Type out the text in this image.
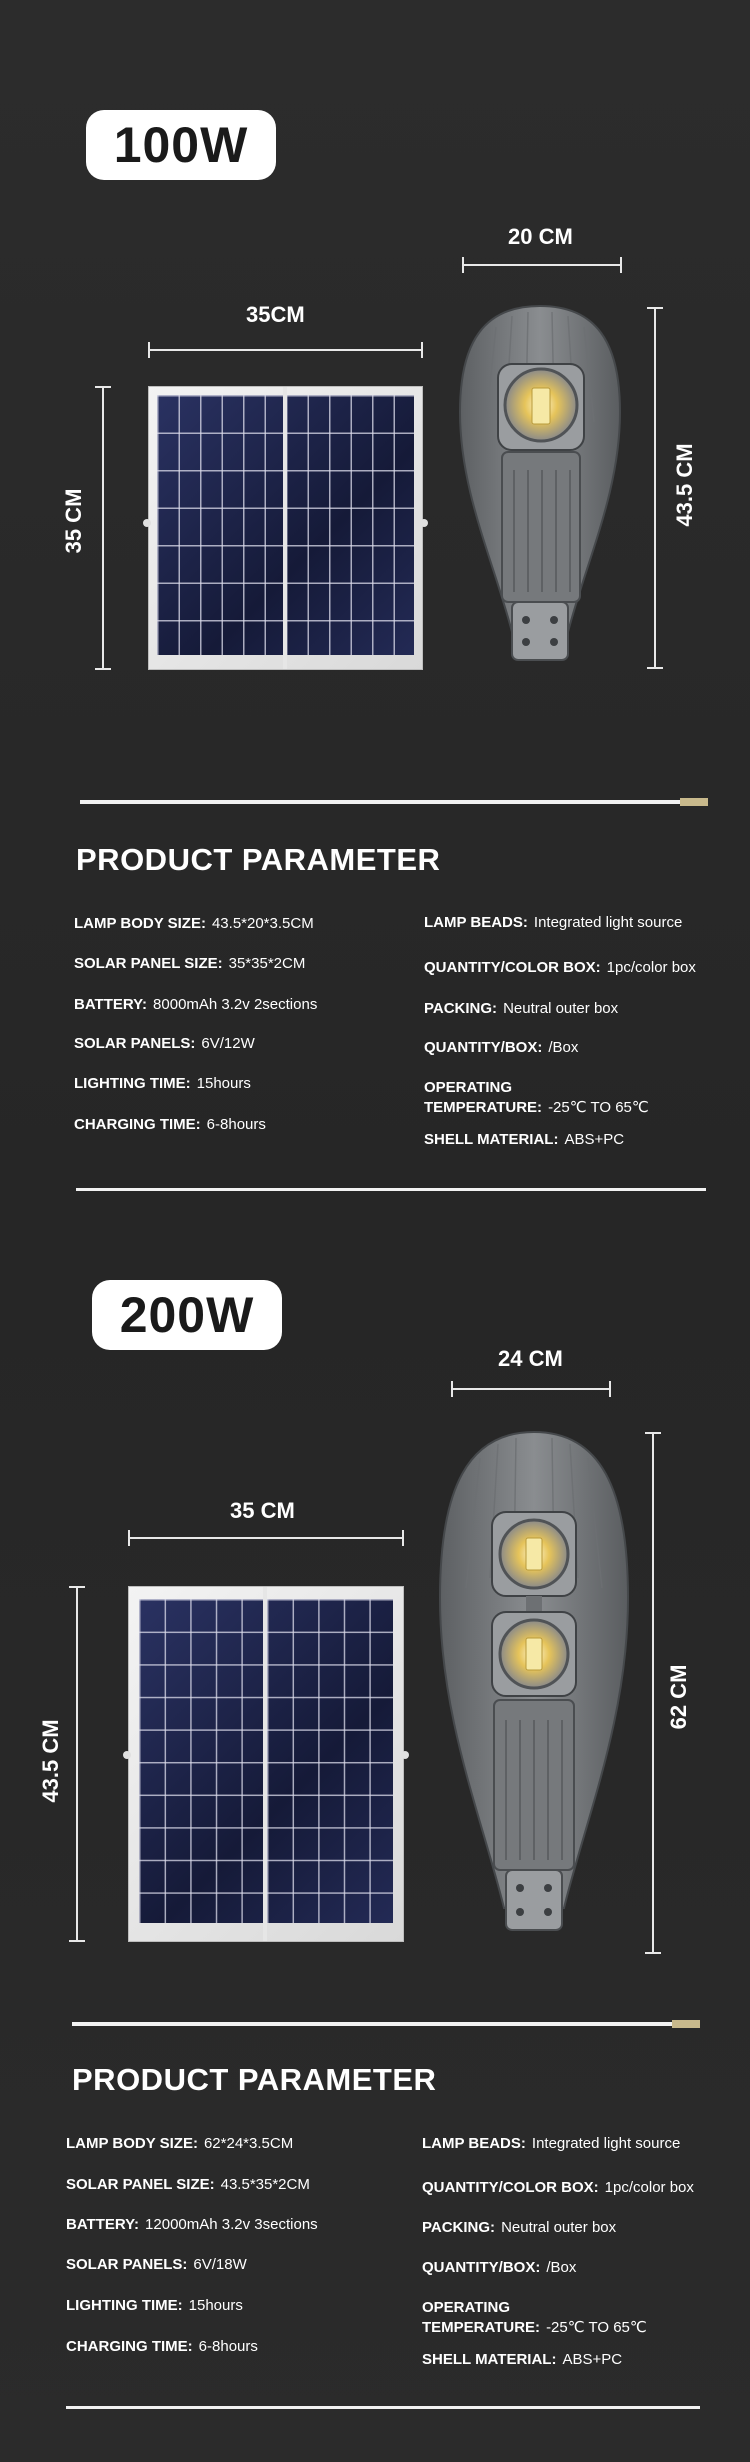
100W
35CM
35 CM
20 CM
43.5 CM
PRODUCT PARAMETER
LAMP BODY SIZE: 43.5*20*3.5CM
SOLAR PANEL SIZE: 35*35*2CM
BATTERY: 8000mAh 3.2v 2sections
SOLAR PANELS: 6V/12W
LIGHTING TIME: 15hours
CHARGING TIME: 6-8hours
LAMP BEADS: Integrated light source
QUANTITY/COLOR BOX: 1pc/color box
PACKING: Neutral outer box
QUANTITY/BOX: /Box
OPERATING
TEMPERATURE: -25℃ TO 65℃
SHELL MATERIAL: ABS+PC
200W
24 CM
35 CM
43.5 CM
62 CM
PRODUCT PARAMETER
LAMP BODY SIZE: 62*24*3.5CM
SOLAR PANEL SIZE: 43.5*35*2CM
BATTERY: 12000mAh 3.2v 3sections
SOLAR PANELS: 6V/18W
LIGHTING TIME: 15hours
CHARGING TIME: 6-8hours
LAMP BEADS: Integrated light source
QUANTITY/COLOR BOX: 1pc/color box
PACKING: Neutral outer box
QUANTITY/BOX: /Box
OPERATING
TEMPERATURE: -25℃ TO 65℃
SHELL MATERIAL: ABS+PC
